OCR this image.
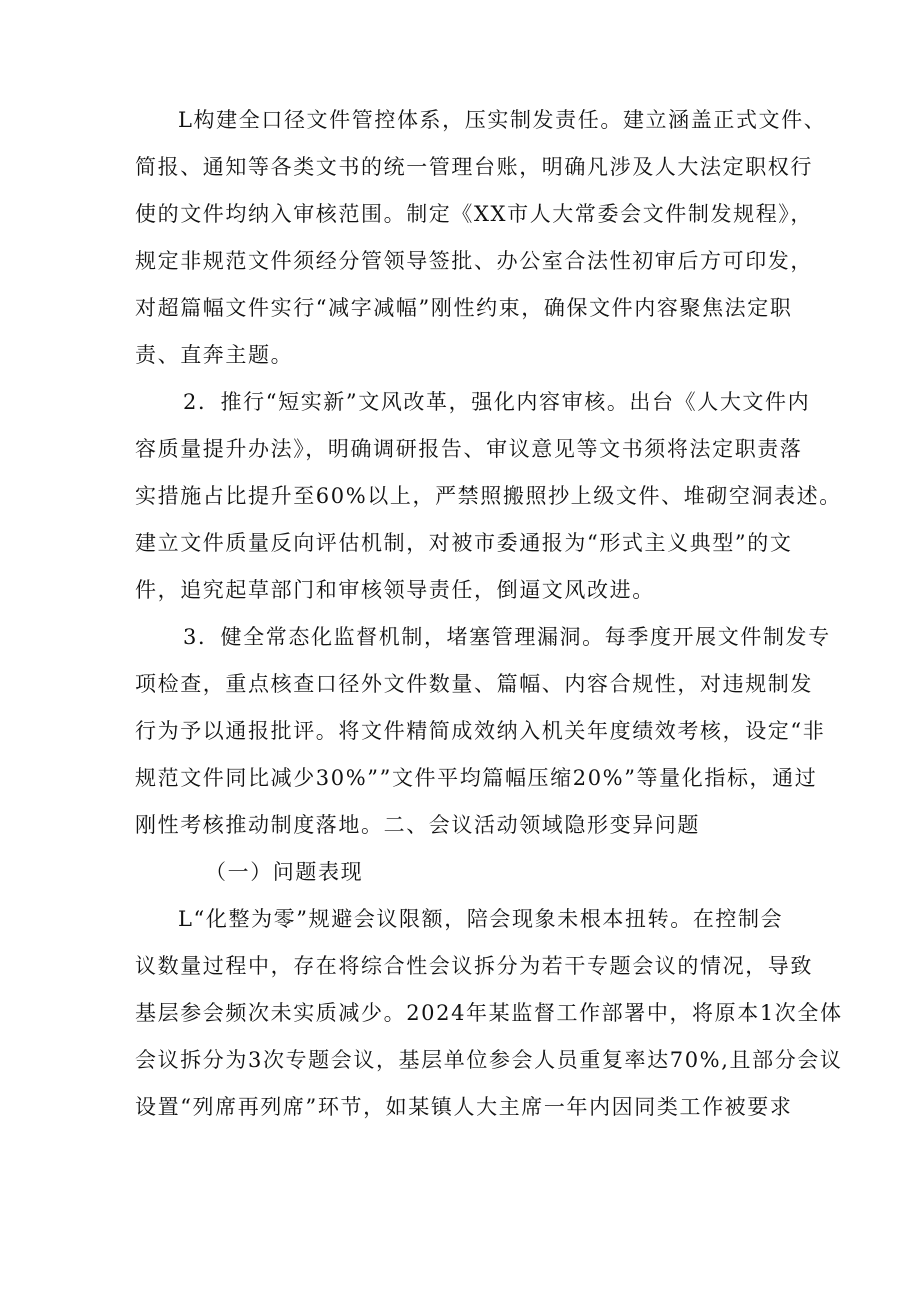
L构建全口径文件管控体系，压实制发责任。建立涵盖正式文件、

简报、通知等各类文书的统一管理台账，明确凡涉及人大法定职权行

使的文件均纳入审核范围。制定《XX市人大常委会文件制发规程》，

规定非规范文件须经分管领导签批、办公室合法性初审后方可印发，

对超篇幅文件实行“减字减幅”刚性约束，确保文件内容聚焦法定职

责、直奔主题。

2．推行“短实新”文风改革，强化内容审核。出台《人大文件内

容质量提升办法》，明确调研报告、审议意见等文书须将法定职责落

实措施占比提升至60%以上，严禁照搬照抄上级文件、堆砌空洞表述。

建立文件质量反向评估机制，对被市委通报为“形式主义典型”的文

件，追究起草部门和审核领导责任，倒逼文风改进。

3．健全常态化监督机制，堵塞管理漏洞。每季度开展文件制发专

项检查，重点核查口径外文件数量、篇幅、内容合规性，对违规制发

行为予以通报批评。将文件精简成效纳入机关年度绩效考核，设定“非

规范文件同比减少30%””文件平均篇幅压缩20%”等量化指标，通过

刚性考核推动制度落地。二、会议活动领域隐形变异问题

（一）问题表现

L“化整为零”规避会议限额，陪会现象未根本扭转。在控制会

议数量过程中，存在将综合性会议拆分为若干专题会议的情况，导致

基层参会频次未实质减少。2024年某监督工作部署中，将原本1次全体

会议拆分为3次专题会议，基层单位参会人员重复率达70%,且部分会议

设置“列席再列席”环节，如某镇人大主席一年内因同类工作被要求
